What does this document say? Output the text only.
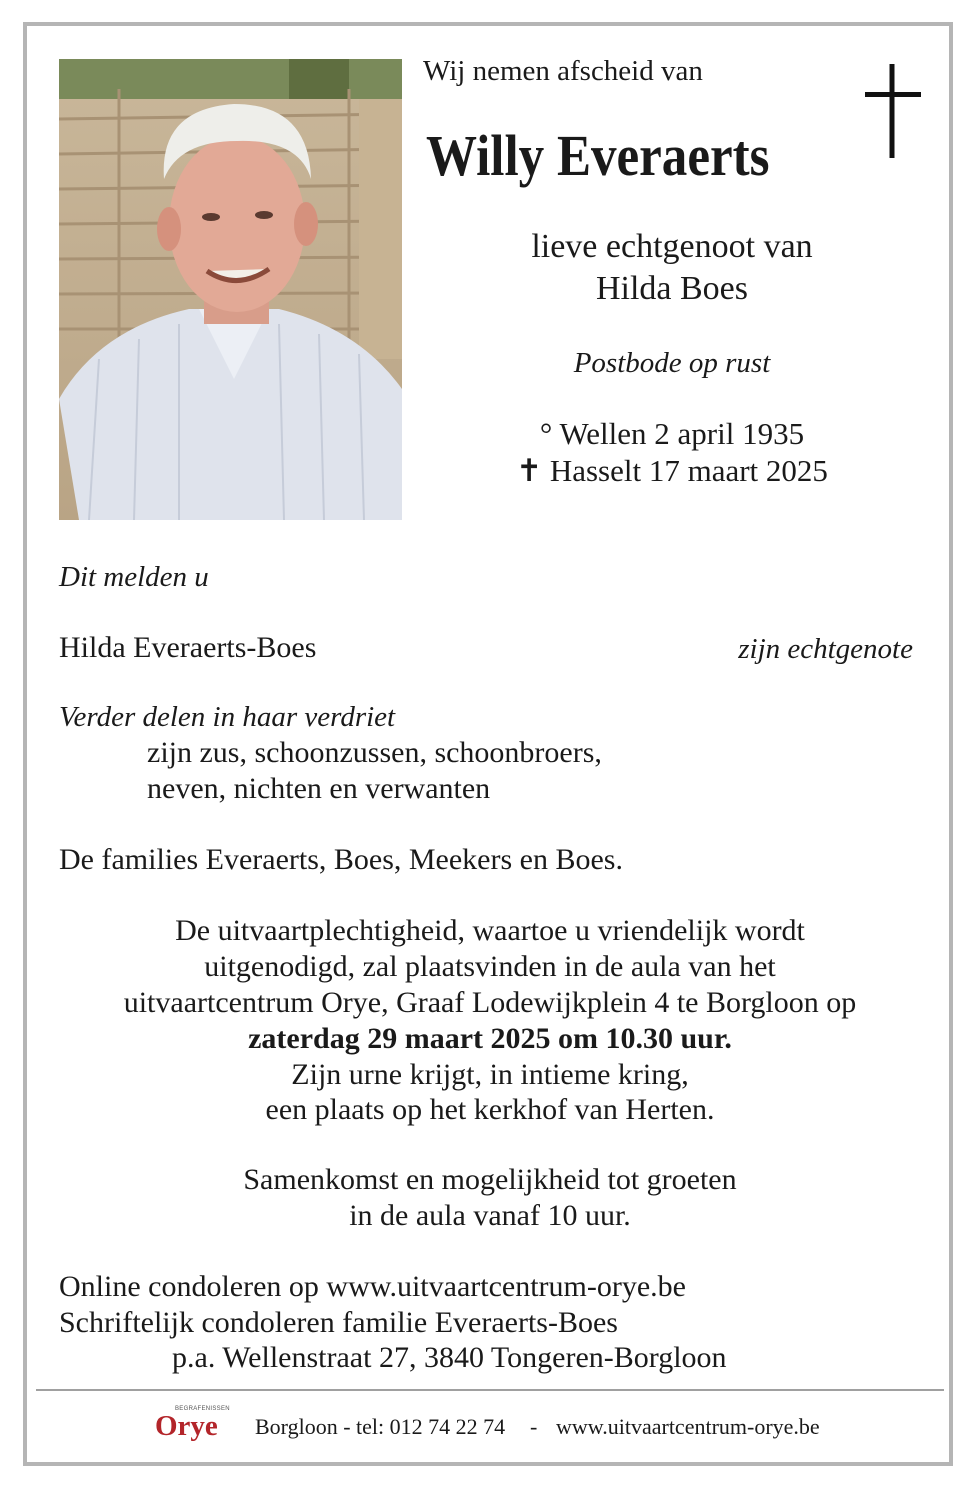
Wij nemen afscheid van
Willy Everaerts
lieve echtgenoot van
Hilda Boes
Postbode op rust
° Wellen 2 april 1935
✝ Hasselt 17 maart 2025
Dit melden u
Hilda Everaerts-Boes	zijn echtgenote
Verder delen in haar verdriet
zijn zus, schoonzussen, schoonbroers,
neven, nichten en verwanten
De families Everaerts, Boes, Meekers en Boes.
De uitvaartplechtigheid, waartoe u vriendelijk wordt
uitgenodigd, zal plaatsvinden in de aula van het
uitvaartcentrum Orye, Graaf Lodewijkplein 4 te Borgloon op
zaterdag 29 maart 2025 om 10.30 uur.
Zijn urne krijgt, in intieme kring,
een plaats op het kerkhof van Herten.
Samenkomst en mogelijkheid tot groeten
in de aula vanaf 10 uur.
Online condoleren op www.uitvaartcentrum-orye.be
Schriftelijk condoleren familie Everaerts-Boes
p.a. Wellenstraat 27, 3840 Tongeren-Borgloon
BEGRAFENISSEN
Orye Borgloon - tel: 012 74 22 74 - www.uitvaartcentrum-orye.be
